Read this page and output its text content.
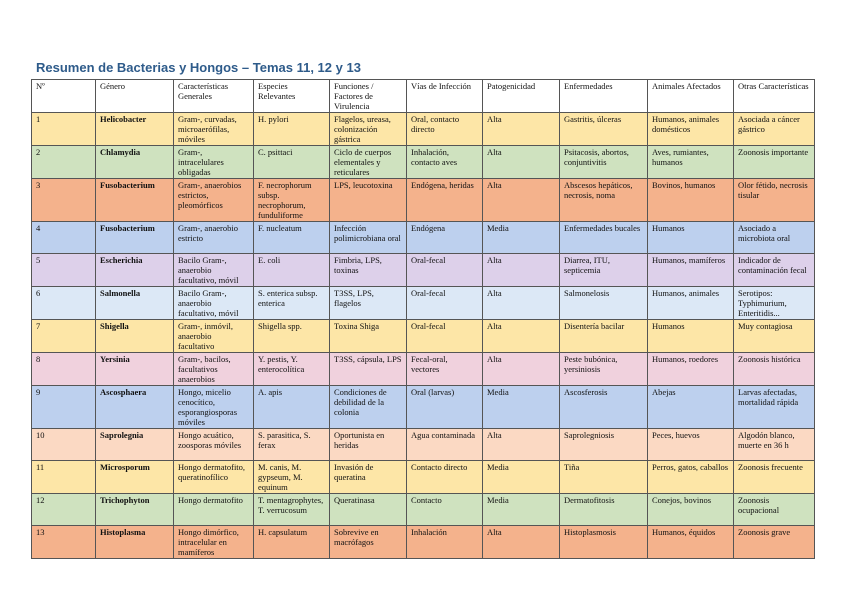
Resumen de Bacterias y Hongos – Temas 11, 12 y 13
Nº	Género	Características Generales	Especies Relevantes	Funciones / Factores de Virulencia	Vías de Infección	Patogenicidad	Enfermedades	Animales Afectados	Otras Características
1	Helicobacter	Gram-, curvadas, microaerófilas, móviles	H. pylori	Flagelos, ureasa, colonización gástrica	Oral, contacto directo	Alta	Gastritis, úlceras	Humanos, animales domésticos	Asociada a cáncer gástrico
2	Chlamydia	Gram-, intracelulares obligadas	C. psittaci	Ciclo de cuerpos elementales y reticulares	Inhalación, contacto aves	Alta	Psitacosis, abortos, conjuntivitis	Aves, rumiantes, humanos	Zoonosis importante
3	Fusobacterium	Gram-, anaerobios estrictos, pleomórficos	F. necrophorum subsp. necrophorum, funduliforme	LPS, leucotoxina	Endógena, heridas	Alta	Abscesos hepáticos, necrosis, noma	Bovinos, humanos	Olor fétido, necrosis tisular
4	Fusobacterium	Gram-, anaerobio estricto	F. nucleatum	Infección polimicrobiana oral	Endógena	Media	Enfermedades bucales	Humanos	Asociado a microbiota oral
5	Escherichia	Bacilo Gram-, anaerobio facultativo, móvil	E. coli	Fimbria, LPS, toxinas	Oral-fecal	Alta	Diarrea, ITU, septicemia	Humanos, mamíferos	Indicador de contaminación fecal
6	Salmonella	Bacilo Gram-, anaerobio facultativo, móvil	S. enterica subsp. enterica	T3SS, LPS, flagelos	Oral-fecal	Alta	Salmonelosis	Humanos, animales	Serotipos: Typhimurium, Enteritidis...
7	Shigella	Gram-, inmóvil, anaerobio facultativo	Shigella spp.	Toxina Shiga	Oral-fecal	Alta	Disentería bacilar	Humanos	Muy contagiosa
8	Yersinia	Gram-, bacilos, facultativos anaerobios	Y. pestis, Y. enterocolítica	T3SS, cápsula, LPS	Fecal-oral, vectores	Alta	Peste bubónica, yersiniosis	Humanos, roedores	Zoonosis histórica
9	Ascosphaera	Hongo, micelio cenocítico, esporangiosporas móviles	A. apis	Condiciones de debilidad de la colonia	Oral (larvas)	Media	Ascosferosis	Abejas	Larvas afectadas, mortalidad rápida
10	Saprolegnia	Hongo acuático, zoosporas móviles	S. parasitica, S. ferax	Oportunista en heridas	Agua contaminada	Alta	Saprolegniosis	Peces, huevos	Algodón blanco, muerte en 36 h
11	Microsporum	Hongo dermatofito, queratinofílico	M. canis, M. gypseum, M. equinum	Invasión de queratina	Contacto directo	Media	Tiña	Perros, gatos, caballos	Zoonosis frecuente
12	Trichophyton	Hongo dermatofito	T. mentagrophytes, T. verrucosum	Queratinasa	Contacto	Media	Dermatofitosis	Conejos, bovinos	Zoonosis ocupacional
13	Histoplasma	Hongo dimórfico, intracelular en mamíferos	H. capsulatum	Sobrevive en macrófagos	Inhalación	Alta	Histoplasmosis	Humanos, équidos	Zoonosis grave
